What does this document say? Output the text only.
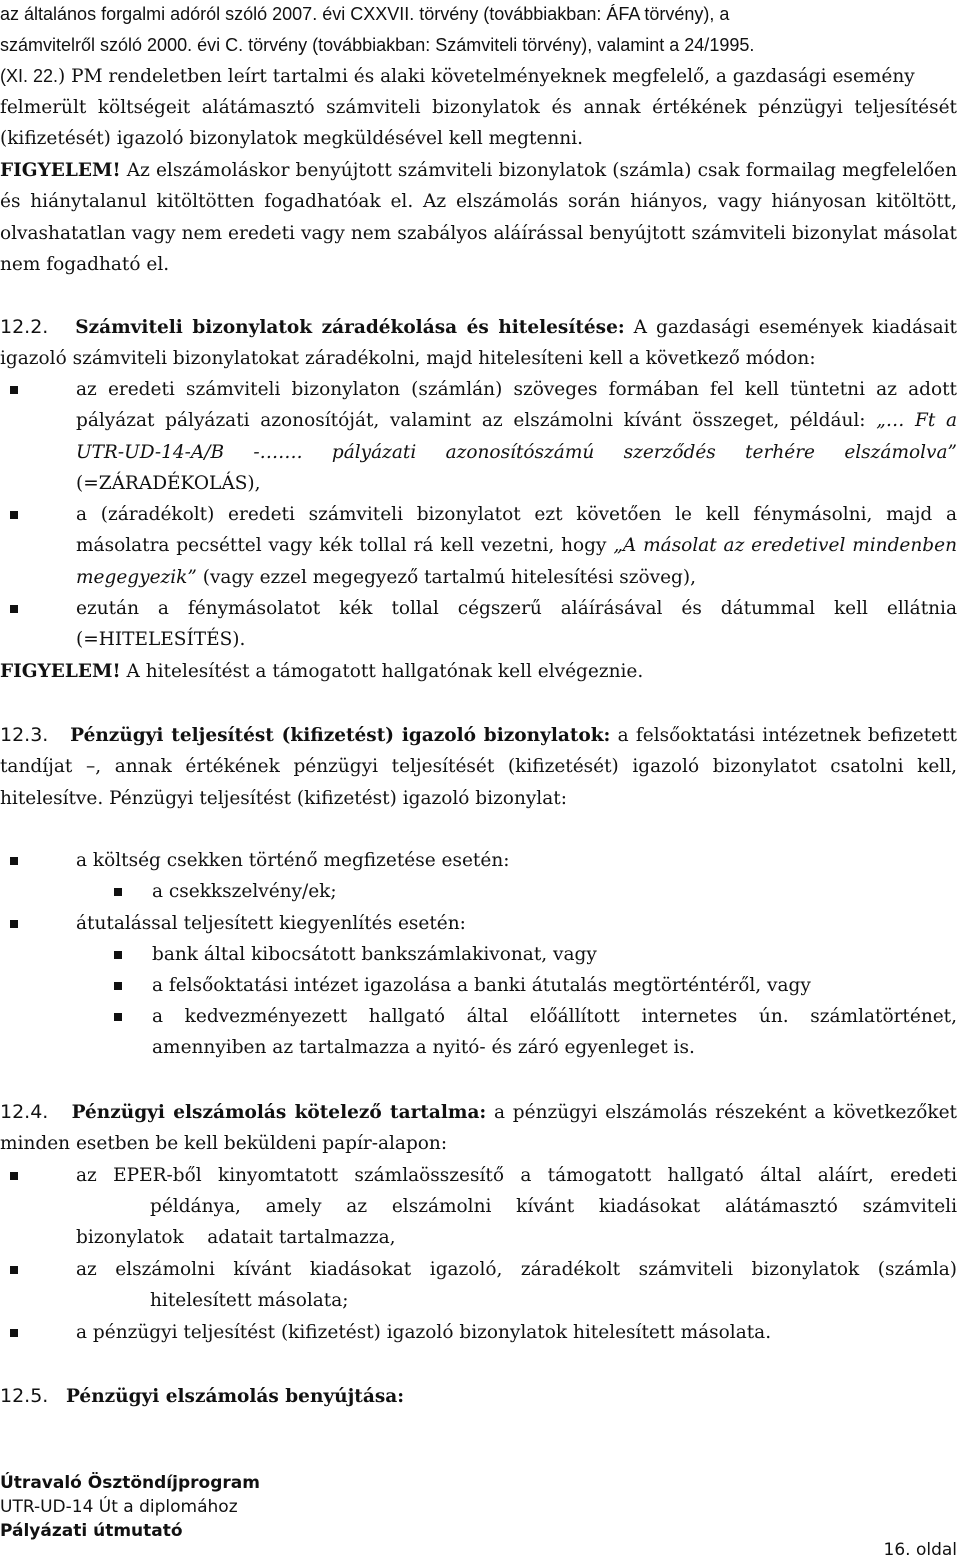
az általános forgalmi adóról szóló 2007. évi CXXVII. törvény (továbbiakban: ÁFA törvény), a
számvitelről szóló 2000. évi C. törvény (továbbiakban: Számviteli törvény), valamint a 24/1995.
(XI. 22.) PM rendeletben leírt tartalmi és alaki követelményeknek megfelelő, a gazdasági esemény
felmerült költségeit alátámasztó számviteli bizonylatok és annak értékének pénzügyi teljesítését (kifizetését) igazoló bizonylatok megküldésével kell megtenni.
FIGYELEM! Az elszámoláskor benyújtott számviteli bizonylatok (számla) csak formailag megfelelően és hiánytalanul kitöltötten fogadhatóak el. Az elszámolás során hiányos, vagy hiányosan kitöltött, olvashatatlan vagy nem eredeti vagy nem szabályos aláírással benyújtott számviteli bizonylat másolat nem fogadható el.
12.2. Számviteli bizonylatok záradékolása és hitelesítése: A gazdasági események kiadásait igazoló számviteli bizonylatokat záradékolni, majd hitelesíteni kell a következő módon:
az eredeti számviteli bizonylaton (számlán) szöveges formában fel kell tüntetni az adott pályázat pályázati azonosítóját, valamint az elszámolni kívánt összeget, például: „… Ft a UTR-UD-14-A/B -……. pályázati azonosítószámú szerződés terhére elszámolva” (=ZÁRADÉKOLÁS),
a (záradékolt) eredeti számviteli bizonylatot ezt követően le kell fénymásolni, majd a másolatra pecséttel vagy kék tollal rá kell vezetni, hogy „A másolat az eredetivel mindenben megegyezik” (vagy ezzel megegyező tartalmú hitelesítési szöveg),
ezután a fénymásolatot kék tollal cégszerű aláírásával és dátummal kell ellátnia (=HITELESÍTÉS).
FIGYELEM! A hitelesítést a támogatott hallgatónak kell elvégeznie.
12.3. Pénzügyi teljesítést (kifizetést) igazoló bizonylatok: a felsőoktatási intézetnek befizetett tandíjat –, annak értékének pénzügyi teljesítését (kifizetését) igazoló bizonylatot csatolni kell, hitelesítve. Pénzügyi teljesítést (kifizetést) igazoló bizonylat:
a költség csekken történő megfizetése esetén:
a csekkszelvény/ek;
átutalással teljesített kiegyenlítés esetén:
bank által kibocsátott bankszámlakivonat, vagy
a felsőoktatási intézet igazolása a banki átutalás megtörténtéről, vagy
a kedvezményezett hallgató által előállított internetes ún. számlatörténet, amennyiben az tartalmazza a nyitó- és záró egyenleget is.
12.4. Pénzügyi elszámolás kötelező tartalma: a pénzügyi elszámolás részeként a következőket minden esetben be kell beküldeni papír-alapon:
az EPER-ből kinyomtatott számlaösszesítő a támogatott hallgató által aláírt, eredeti
példánya, amely az elszámolni kívánt kiadásokat alátámasztó számviteli
bizonylatok    adatait tartalmazza,
az elszámolni kívánt kiadásokat igazoló, záradékolt számviteli bizonylatok (számla)
hitelesített másolata;
a pénzügyi teljesítést (kifizetést) igazoló bizonylatok hitelesített másolata.
12.5. Pénzügyi elszámolás benyújtása:
Útravaló Ösztöndíjprogram
UTR-UD-14 Út a diplomához
Pályázati útmutató
16. oldal
